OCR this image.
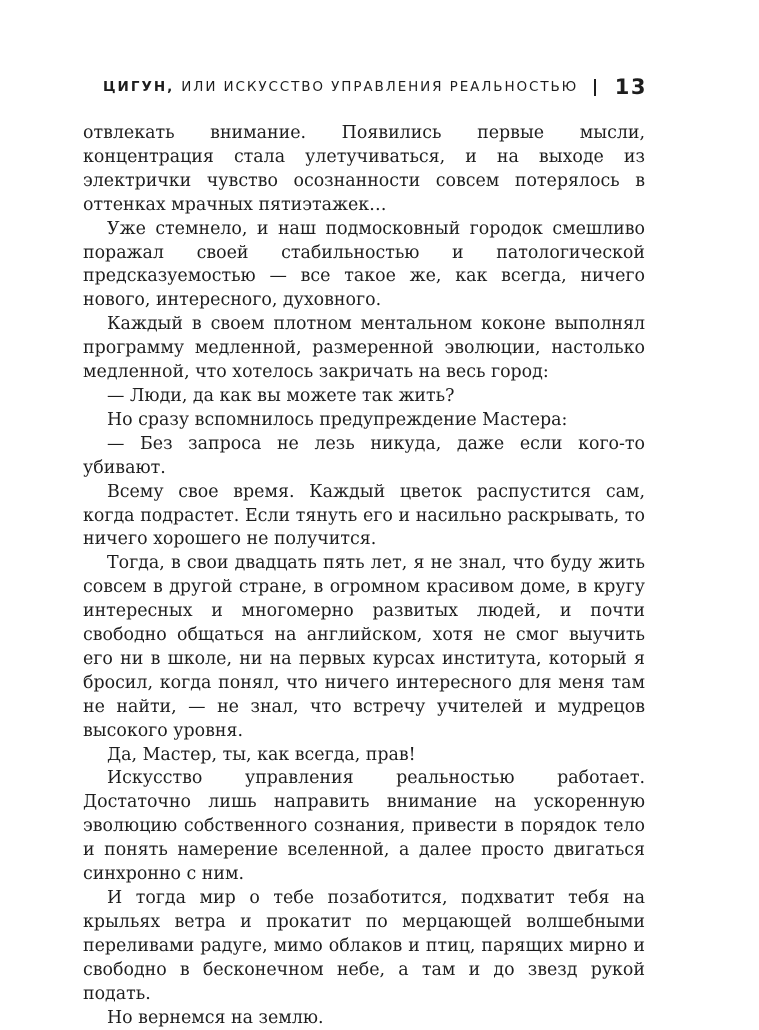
ЦИГУН, ИЛИ ИСКУССТВО УПРАВЛЕНИЯ РЕАЛЬНОСТЬЮ 13

отвлекать внимание. Появились первые мысли, концентрация стала улетучиваться, и на выходе из электрички чувство осознанности совсем потерялось в оттенках мрачных пятиэтажек…

Уже стемнело, и наш подмосковный городок смешливо поражал своей стабильностью и патологической предсказуемостью — все такое же, как всегда, ничего нового, интересного, духовного.

Каждый в своем плотном ментальном коконе выполнял программу медленной, размеренной эволюции, настолько медленной, что хотелось закричать на весь город:

— Люди, да как вы можете так жить?

Но сразу вспомнилось предупреждение Мастера:

— Без запроса не лезь никуда, даже если кого-то убивают.

Всему свое время. Каждый цветок распустится сам, когда подрастет. Если тянуть его и насильно раскрывать, то ничего хорошего не получится.

Тогда, в свои двадцать пять лет, я не знал, что буду жить совсем в другой стране, в огромном красивом доме, в кругу интересных и многомерно развитых людей, и почти свободно общаться на английском, хотя не смог выучить его ни в школе, ни на первых курсах института, который я бросил, когда понял, что ничего интересного для меня там не найти, — не знал, что встречу учителей и мудрецов высокого уровня.

Да, Мастер, ты, как всегда, прав!

Искусство управления реальностью работает. Достаточно лишь направить внимание на ускоренную эволюцию собственного сознания, привести в порядок тело и понять намерение вселенной, а далее просто двигаться синхронно с ним.

И тогда мир о тебе позаботится, подхватит тебя на крыльях ветра и прокатит по мерцающей волшебными переливами радуге, мимо облаков и птиц, парящих мирно и свободно в бесконечном небе, а там и до звезд рукой подать.

Но вернемся на землю.
